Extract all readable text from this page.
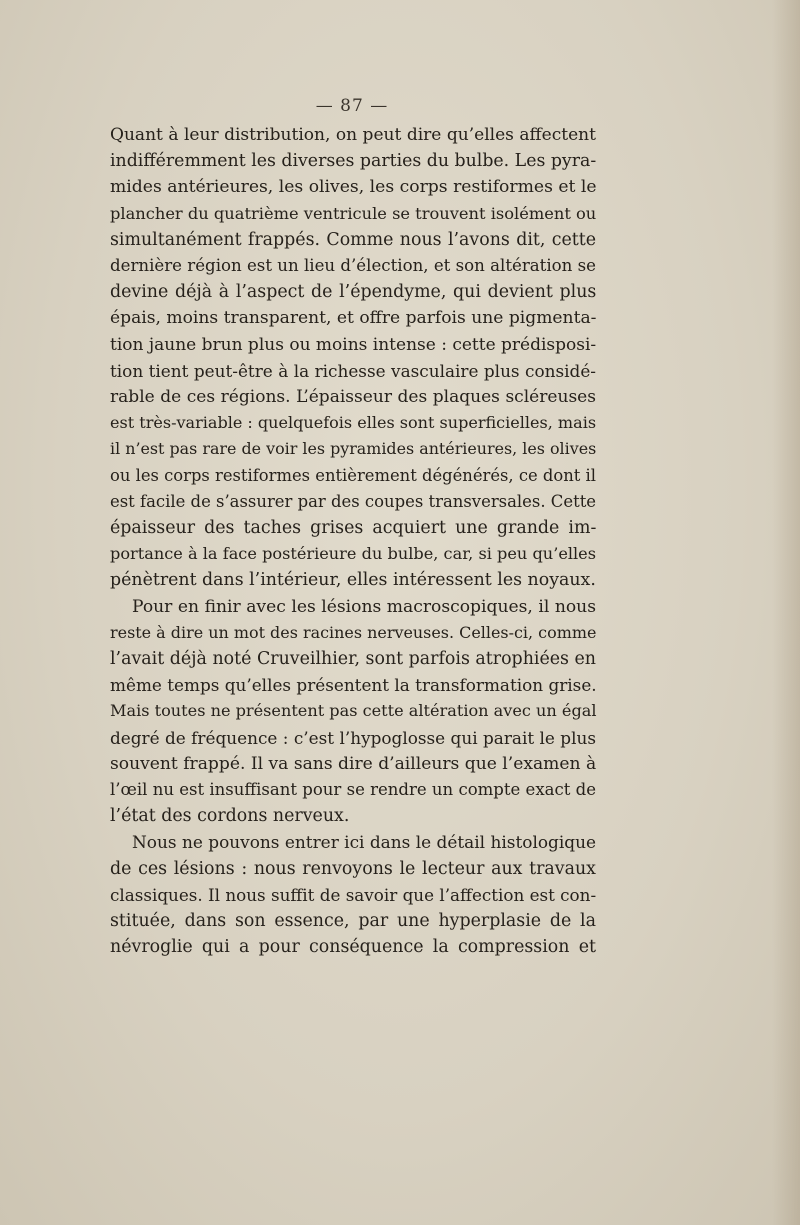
— 87 —

Quant à leur distribution, on peut dire qu’elles affectent
indifféremment les diverses parties du bulbe. Les pyra-
mides antérieures, les olives, les corps restiformes et le
plancher du quatrième ventricule se trouvent isolément ou
simultanément frappés. Comme nous l’avons dit, cette
dernière région est un lieu d’élection, et son altération se
devine déjà à l’aspect de l’épendyme, qui devient plus
épais, moins transparent, et offre parfois une pigmenta-
tion jaune brun plus ou moins intense : cette prédisposi-
tion tient peut-être à la richesse vasculaire plus considé-
rable de ces régions. L’épaisseur des plaques scléreuses
est très-variable : quelquefois elles sont superficielles, mais
il n’est pas rare de voir les pyramides antérieures, les olives
ou les corps restiformes entièrement dégénérés, ce dont il
est facile de s’assurer par des coupes transversales. Cette
épaisseur des taches grises acquiert une grande im-
portance à la face postérieure du bulbe, car, si peu qu’elles
pénètrent dans l’intérieur, elles intéressent les noyaux.

Pour en finir avec les lésions macroscopiques, il nous
reste à dire un mot des racines nerveuses. Celles-ci, comme
l’avait déjà noté Cruveilhier, sont parfois atrophiées en
même temps qu’elles présentent la transformation grise.
Mais toutes ne présentent pas cette altération avec un égal
degré de fréquence : c’est l’hypoglosse qui parait le plus
souvent frappé. Il va sans dire d’ailleurs que l’examen à
l’œil nu est insuffisant pour se rendre un compte exact de
l’état des cordons nerveux.

Nous ne pouvons entrer ici dans le détail histologique
de ces lésions : nous renvoyons le lecteur aux travaux
classiques. Il nous suffit de savoir que l’affection est con-
stituée, dans son essence, par une hyperplasie de la
névroglie qui a pour conséquence la compression et
